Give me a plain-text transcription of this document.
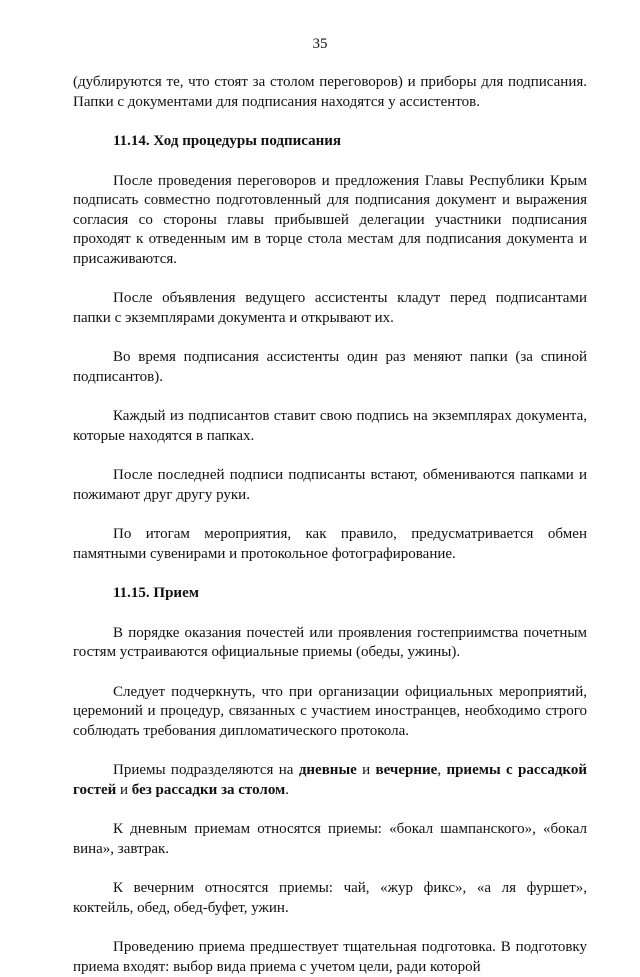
35

(дублируются те, что стоят за столом переговоров) и приборы для подписания. Папки с документами для подписания находятся у ассистентов.

11.14. Ход процедуры подписания

После проведения переговоров и предложения Главы Республики Крым подписать совместно подготовленный для подписания документ и выражения согласия со стороны главы прибывшей делегации участники подписания проходят к отведенным им в торце стола местам для подписания документа и присаживаются.

После объявления ведущего ассистенты кладут перед подписантами папки с экземплярами документа и открывают их.

Во время подписания ассистенты один раз меняют папки (за спиной подписантов).

Каждый из подписантов ставит свою подпись на экземплярах документа, которые находятся в папках.

После последней подписи подписанты встают, обмениваются папками и пожимают друг другу руки.

По итогам мероприятия, как правило, предусматривается обмен памятными сувенирами и протокольное фотографирование.

11.15. Прием

В порядке оказания почестей или проявления гостеприимства почетным гостям устраиваются официальные приемы (обеды, ужины).

Следует подчеркнуть, что при организации официальных мероприятий, церемоний и процедур, связанных с участием иностранцев, необходимо строго соблюдать требования дипломатического протокола.

Приемы подразделяются на дневные и вечерние, приемы с рассадкой гостей и без рассадки за столом.

К дневным приемам относятся приемы: «бокал шампанского», «бокал вина», завтрак.

К вечерним относятся приемы: чай, «жур фикс», «а ля фуршет», коктейль, обед, обед-буфет, ужин.

Проведению приема предшествует тщательная подготовка. В подготовку приема входят: выбор вида приема с учетом цели, ради которой
